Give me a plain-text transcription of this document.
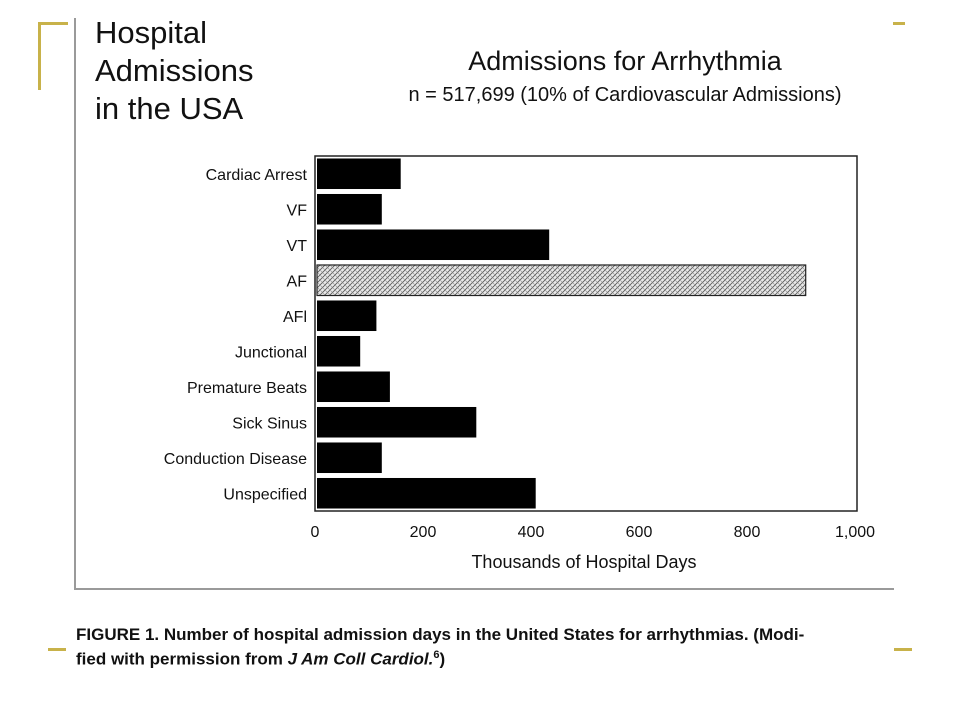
Hospital
Admissions
in the USA
Admissions for Arrhythmia
n = 517,699 (10% of Cardiovascular Admissions)
Cardiac Arrest
VF
VT
AF
AFl
Junctional
Premature Beats
Sick Sinus
Conduction Disease
Unspecified
0	200	400	600	800	1,000
Thousands of Hospital Days
FIGURE 1. Number of hospital admission days in the United States for arrhythmias. (Modi-
fied with permission from J Am Coll Cardiol.$^6$)
